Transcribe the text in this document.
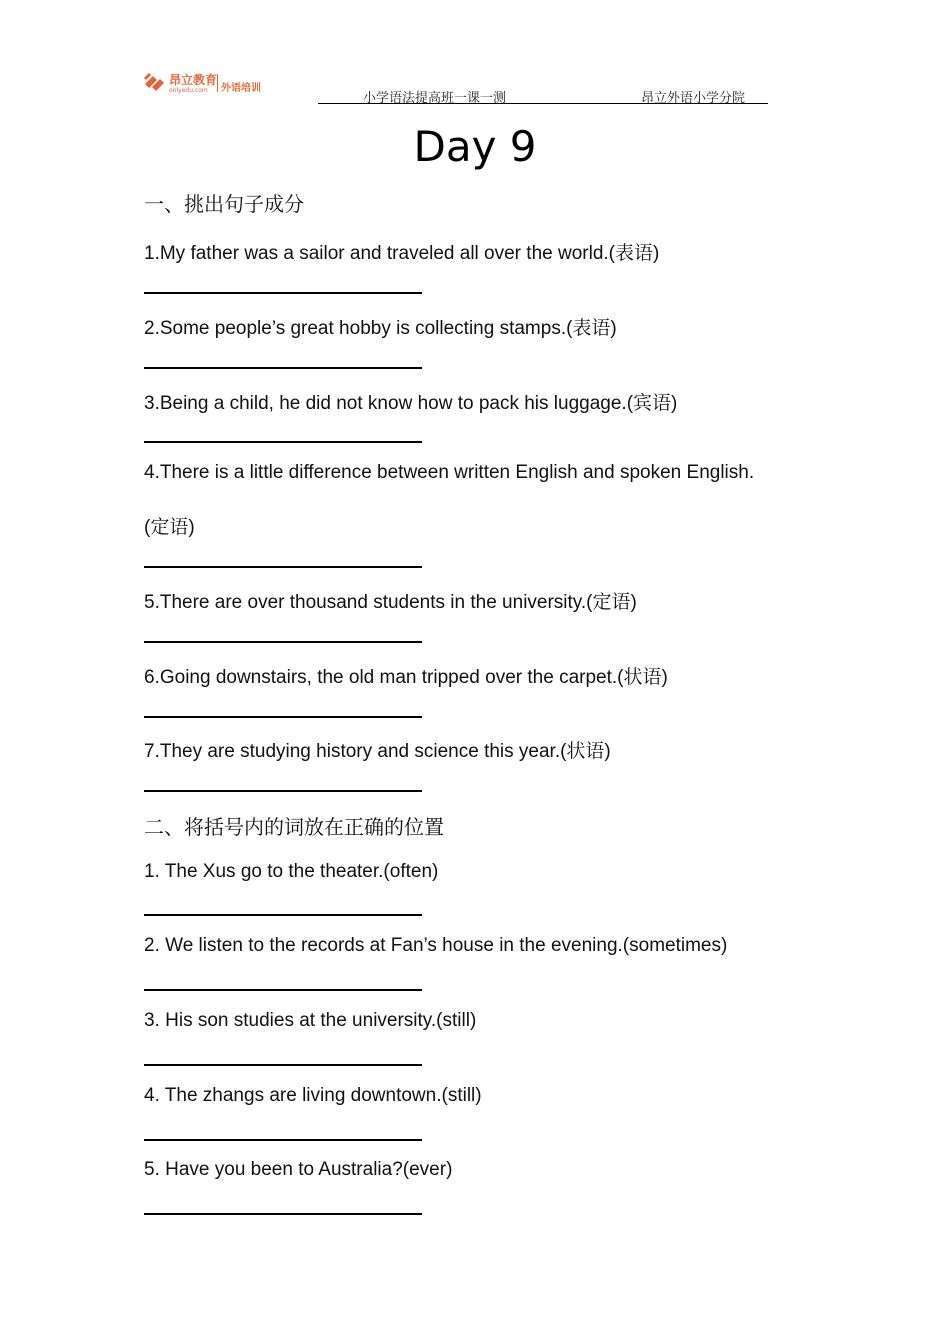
昂立教育
onlyedu.com 外语培训
小学语法提高班一课一测	昂立外语小学分院
Day 9
一、挑出句子成分
1.My father was a sailor and traveled all over the world.(表语)
2.Some people’s great hobby is collecting stamps.(表语)
3.Being a child, he did not know how to pack his luggage.(宾语)
4.There is a little difference between written English and spoken English.
(定语)
5.There are over thousand students in the university.(定语)
6.Going downstairs, the old man tripped over the carpet.(状语)
7.They are studying history and science this year.(状语)
二、将括号内的词放在正确的位置
1. The Xus go to the theater.(often)
2. We listen to the records at Fan’s house in the evening.(sometimes)
3. His son studies at the university.(still)
4. The zhangs are living downtown.(still)
5. Have you been to Australia?(ever)
